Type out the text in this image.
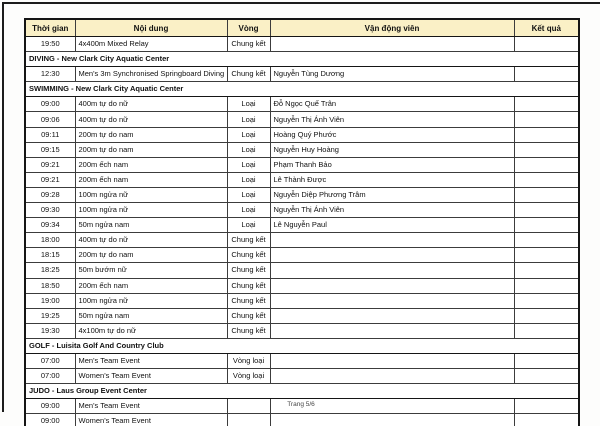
Thời gian	Nội dung	Vòng	Vận động viên	Kết quả
19:50	4x400m Mixed Relay	Chung kết		
DIVING - New Clark City Aquatic Center				
12:30	Men's 3m Synchronised Springboard Diving	Chung kết	Nguyễn Tùng Dương	
SWIMMING - New Clark City Aquatic Center				
09:00	400m tự do nữ	Loại	Đỗ Ngọc Quế Trân	
09:06	400m tự do nữ	Loại	Nguyễn Thị Ánh Viên	
09:11	200m tự do nam	Loại	Hoàng Quý Phước	
09:15	200m tự do nam	Loại	Nguyễn Huy Hoàng	
09:21	200m ếch nam	Loại	Phạm Thanh Bảo	
09:21	200m ếch nam	Loại	Lê Thành Được	
09:28	100m ngửa nữ	Loại	Nguyễn Diệp Phương Trâm	
09:30	100m ngửa nữ	Loại	Nguyễn Thị Ánh Viên	
09:34	50m ngửa nam	Loại	Lê Nguyễn Paul	
18:00	400m tự do nữ	Chung kết		
18:15	200m tự do nam	Chung kết		
18:25	50m bướm nữ	Chung kết		
18:50	200m ếch nam	Chung kết		
19:00	100m ngửa nữ	Chung kết		
19:25	50m ngửa nam	Chung kết		
19:30	4x100m tự do nữ	Chung kết		
GOLF - Luisita Golf And Country Club				
07:00	Men's Team Event	Vòng loại		
07:00	Women's Team Event	Vòng loại		
JUDO - Laus Group Event Center				
09:00	Men's Team Event			
09:00	Women's Team Event			
Trang 5/6
